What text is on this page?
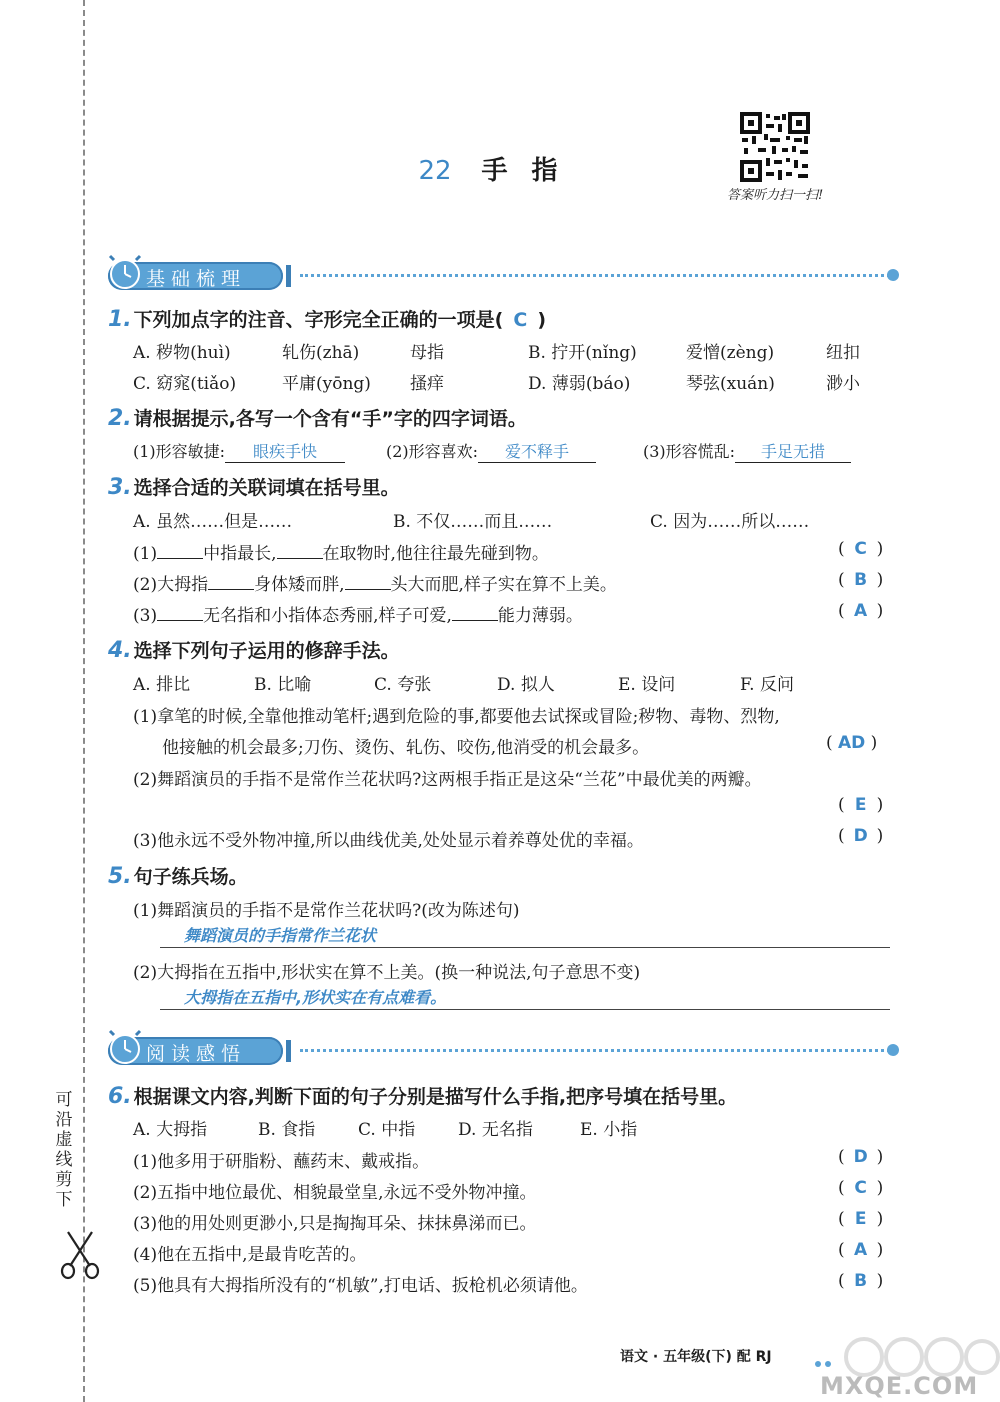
可沿虚线剪下
22 手指
答案听力扫一扫!
基础梳理
1. 下列加点字的注音、字形完全正确的一项是( C )
A. 秽物(huì)	轧伤(zhā)	母指	B. 拧开(nǐng)	爱憎(zèng)	纽扣
C. 窈窕(tiǎo)	平庸(yōng) 搔痒	D. 薄弱(báo)	琴弦(xuán)	渺小
2. 请根据提示,各写一个含有“手”字的四字词语。
(1)形容敏捷: 眼疾手快	(2)形容喜欢: 爱不释手	(3)形容慌乱: 手足无措
3. 选择合适的关联词填在括号里。
A. 虽然……但是……	B. 不仅……而且……	C. 因为……所以……
(1)	中指最长,	在取物时,他往往最先碰到物。	( C )
(2)大拇指	身体矮而胖,	头大而肥,样子实在算不上美。	( B )
(3)	无名指和小指体态秀丽,样子可爱,	能力薄弱。	( A )
4. 选择下列句子运用的修辞手法。
A. 排比	B. 比喻	C. 夸张	D. 拟人	E. 设问	F. 反问
(1)拿笔的时候,全靠他推动笔杆;遇到危险的事,都要他去试探或冒险;秽物、毒物、烈物,
他接触的机会最多;刀伤、烫伤、轧伤、咬伤,他消受的机会最多。	( AD )
(2)舞蹈演员的手指不是常作兰花状吗?这两根手指正是这朵“兰花”中最优美的两瓣。
( E )
(3)他永远不受外物冲撞,所以曲线优美,处处显示着养尊处优的幸福。	( D )
5. 句子练兵场。
(1)舞蹈演员的手指不是常作兰花状吗?(改为陈述句)
舞蹈演员的手指常作兰花状
(2)大拇指在五指中,形状实在算不上美。(换一种说法,句子意思不变)
大拇指在五指中,形状实在有点难看。
阅读感悟
6. 根据课文内容,判断下面的句子分别是描写什么手指,把序号填在括号里。
A. 大拇指	B. 食指	C. 中指	D. 无名指	E. 小指
(1)他多用于研脂粉、蘸药末、戴戒指。	( D )
(2)五指中地位最优、相貌最堂皇,永远不受外物冲撞。	( C )
(3)他的用处则更渺小,只是掏掏耳朵、抹抹鼻涕而已。	( E )
(4)他在五指中,是最肯吃苦的。	( A )
(5)他具有大拇指所没有的“机敏”,打电话、扳枪机必须请他。	( B )
语文 · 五年级(下) 配 RJ
MXQE.COM
